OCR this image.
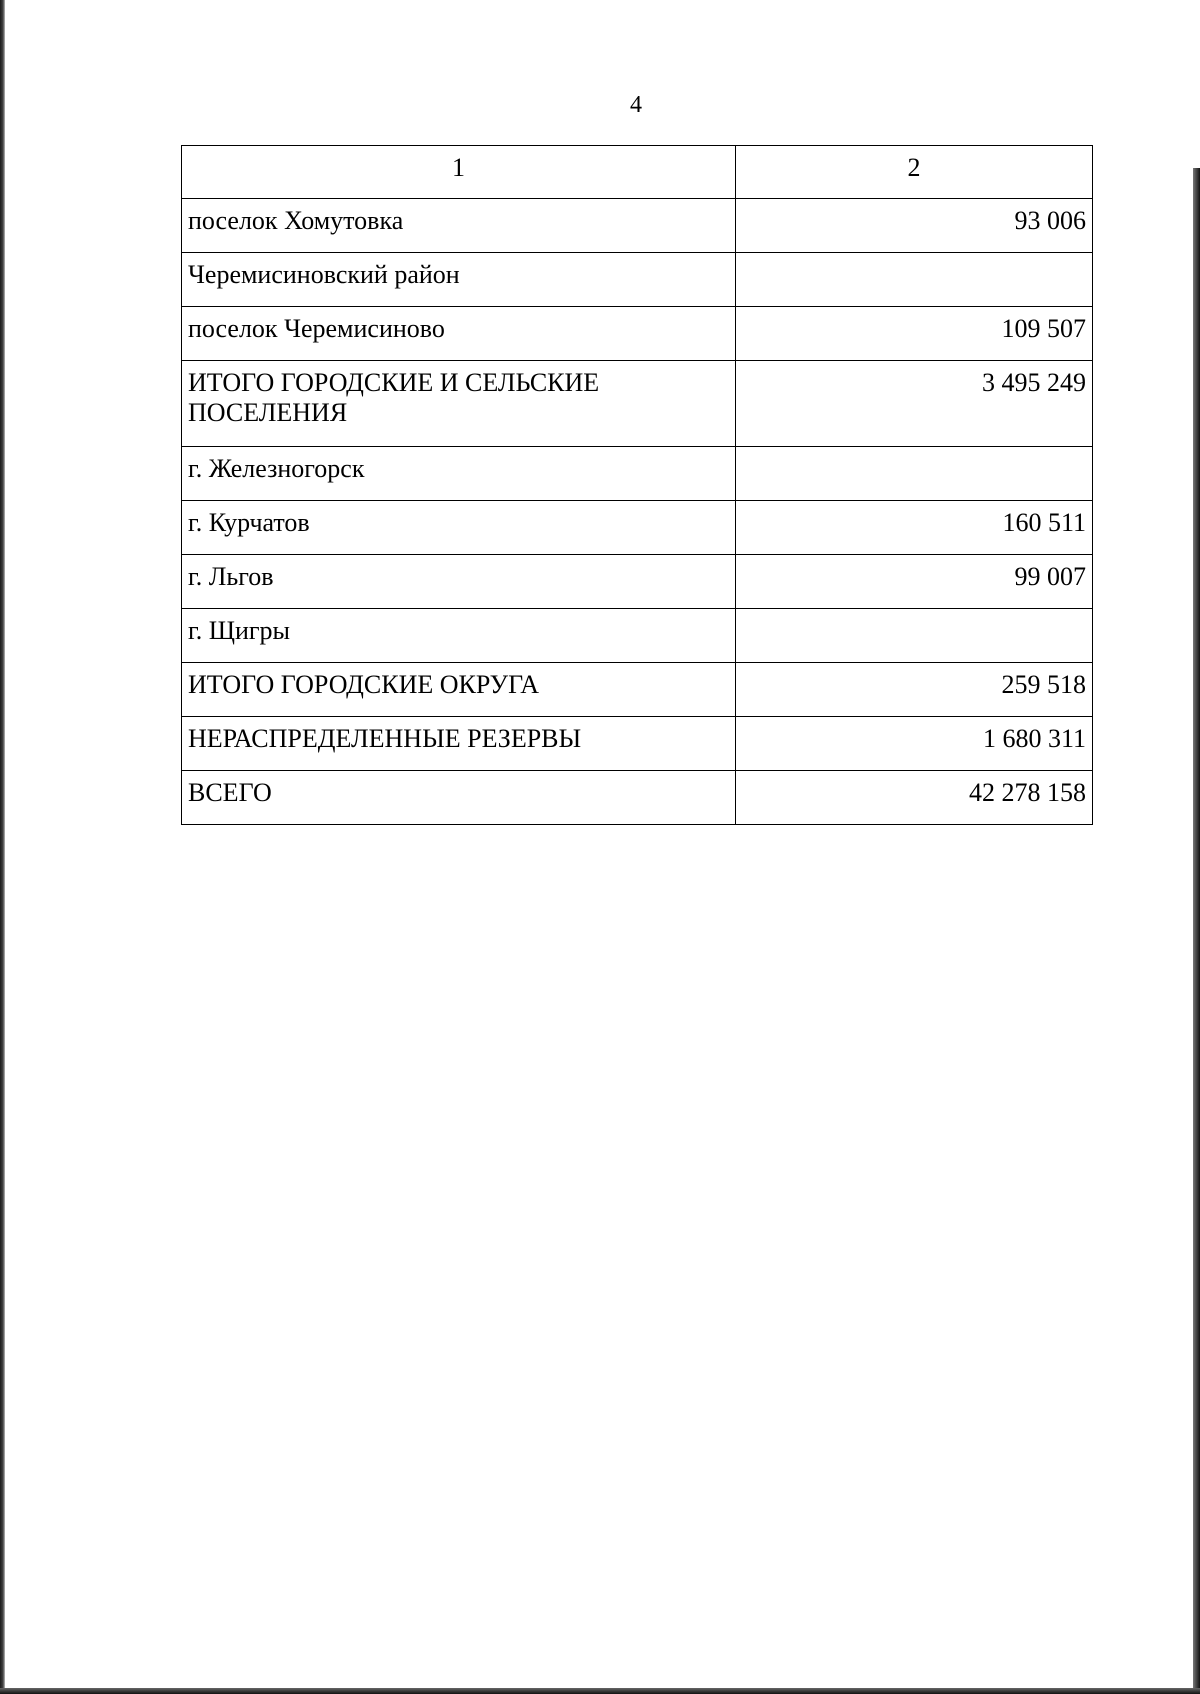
4
1	2
поселок Хомутовка	93 006
Черемисиновский район	
поселок Черемисиново	109 507
ИТОГО ГОРОДСКИЕ И СЕЛЬСКИЕ ПОСЕЛЕНИЯ	3 495 249
г. Железногорск	
г. Курчатов	160 511
г. Льгов	99 007
г. Щигры	
ИТОГО ГОРОДСКИЕ ОКРУГА	259 518
НЕРАСПРЕДЕЛЕННЫЕ РЕЗЕРВЫ	1 680 311
ВСЕГО	42 278 158
